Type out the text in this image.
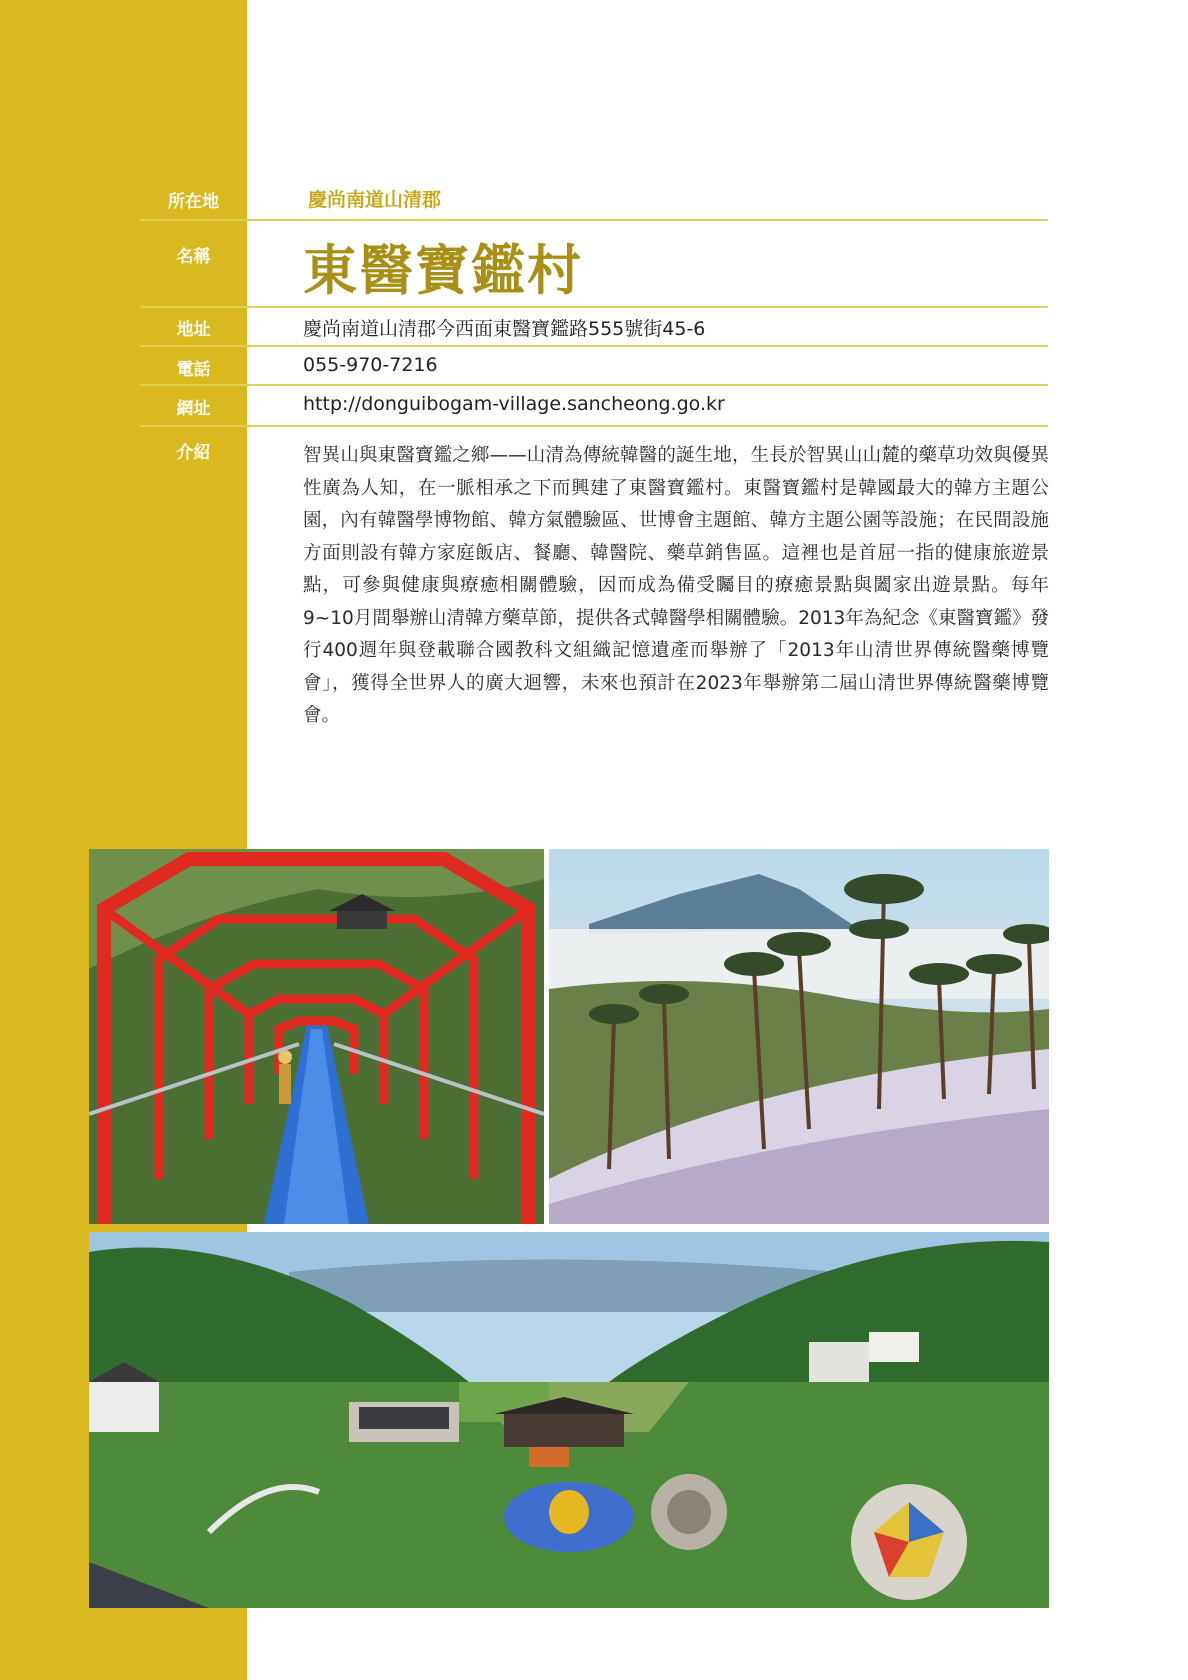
所在地	慶尚南道山清郡
名稱	東醫寶鑑村
地址	慶尚南道山清郡今西面東醫寶鑑路555號街45-6
電話	055-970-7216
網址	http://donguibogam-village.sancheong.go.kr
介紹	智異山與東醫寶鑑之鄉——山清為傳統韓醫的誕生地，生長於智異山山麓的藥草功效與優異性廣為人知，在一脈相承之下而興建了東醫寶鑑村。東醫寶鑑村是韓國最大的韓方主題公園，內有韓醫學博物館、韓方氣體驗區、世博會主題館、韓方主題公園等設施；在民間設施方面則設有韓方家庭飯店、餐廳、韓醫院、藥草銷售區。這裡也是首屈一指的健康旅遊景點，可參與健康與療癒相關體驗，因而成為備受矚目的療癒景點與闔家出遊景點。每年9~10月間舉辦山清韓方藥草節，提供各式韓醫學相關體驗。2013年為紀念《東醫寶鑑》發行400週年與登載聯合國教科文組織記憶遺產而舉辦了「2013年山清世界傳統醫藥博覽會」，獲得全世界人的廣大迴響，未來也預計在2023年舉辦第二屆山清世界傳統醫藥博覽會。
